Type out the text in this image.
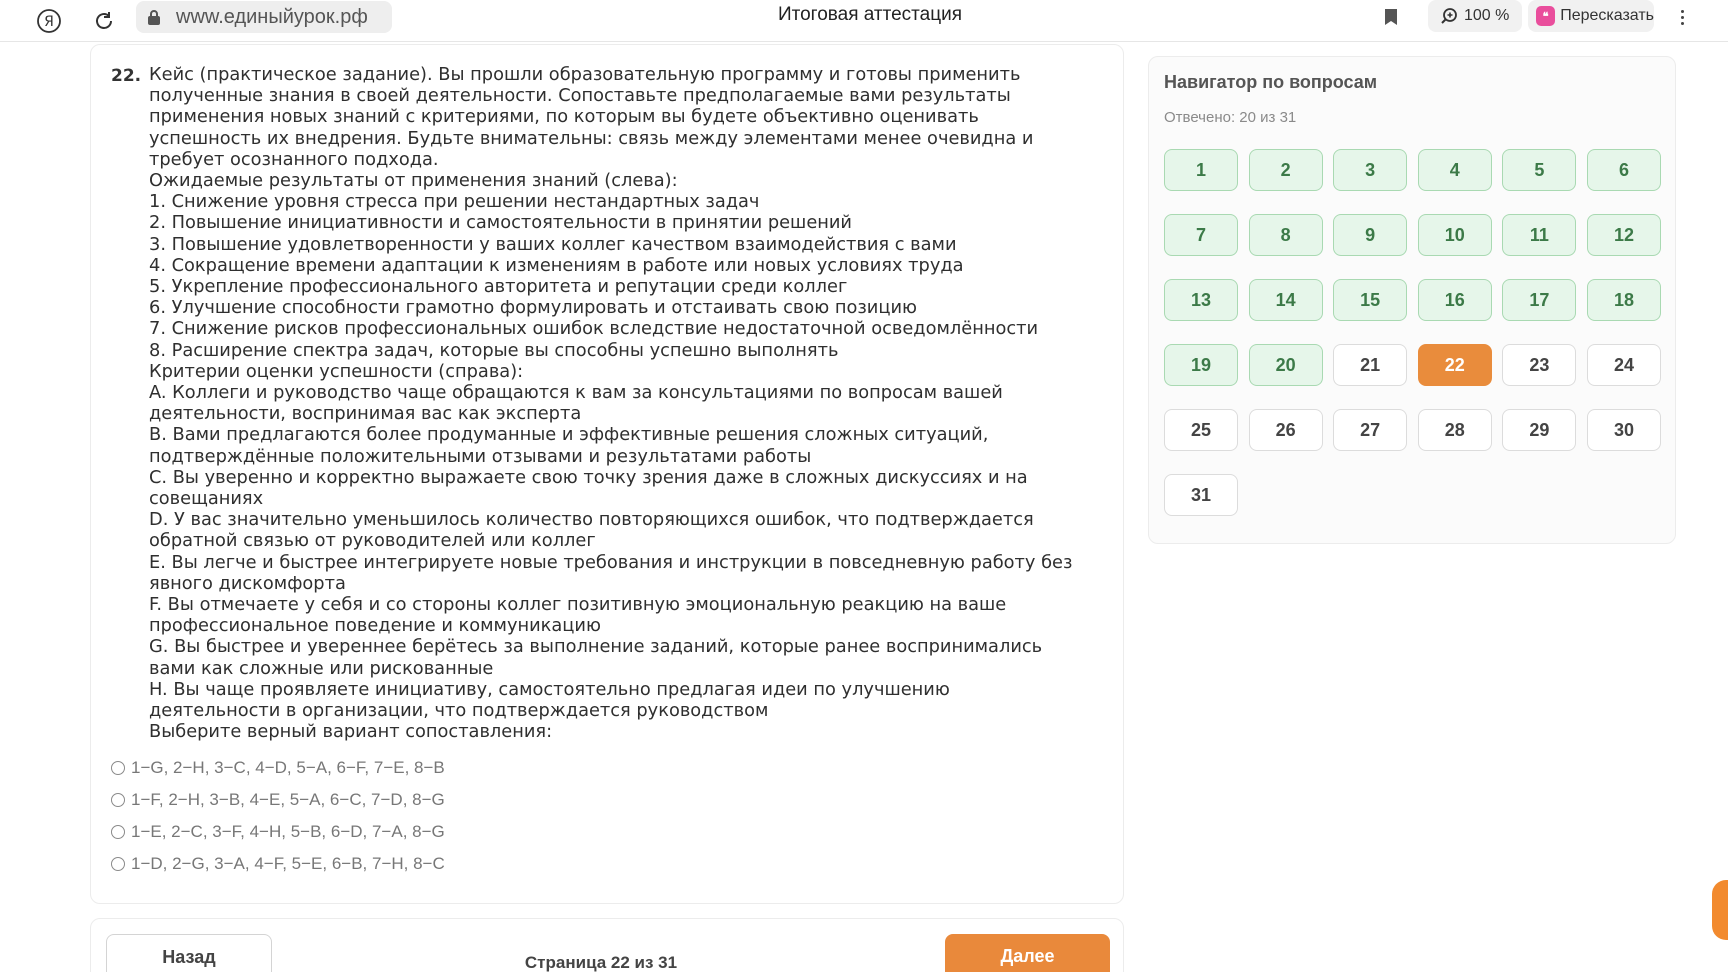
Я	www.единыйурок.рф	Итоговая аттестация	100 %	❝ Пересказать
22. Кейс (практическое задание). Вы прошли образовательную программу и готовы применить
полученные знания в своей деятельности. Сопоставьте предполагаемые вами результаты
применения новых знаний с критериями, по которым вы будете объективно оценивать
успешность их внедрения. Будьте внимательны: связь между элементами менее очевидна и
требует осознанного подхода.
Ожидаемые результаты от применения знаний (слева):
1. Снижение уровня стресса при решении нестандартных задач
2. Повышение инициативности и самостоятельности в принятии решений
3. Повышение удовлетворенности у ваших коллег качеством взаимодействия с вами
4. Сокращение времени адаптации к изменениям в работе или новых условиях труда
5. Укрепление профессионального авторитета и репутации среди коллег
6. Улучшение способности грамотно формулировать и отстаивать свою позицию
7. Снижение рисков профессиональных ошибок вследствие недостаточной осведомлённости
8. Расширение спектра задач, которые вы способны успешно выполнять
Критерии оценки успешности (справа):
A. Коллеги и руководство чаще обращаются к вам за консультациями по вопросам вашей
деятельности, воспринимая вас как эксперта
B. Вами предлагаются более продуманные и эффективные решения сложных ситуаций,
подтверждённые положительными отзывами и результатами работы
C. Вы уверенно и корректно выражаете свою точку зрения даже в сложных дискуссиях и на
совещаниях
D. У вас значительно уменьшилось количество повторяющихся ошибок, что подтверждается
обратной связью от руководителей или коллег
E. Вы легче и быстрее интегрируете новые требования и инструкции в повседневную работу без
явного дискомфорта
F. Вы отмечаете у себя и со стороны коллег позитивную эмоциональную реакцию на ваше
профессиональное поведение и коммуникацию
G. Вы быстрее и увереннее берётесь за выполнение заданий, которые ранее воспринимались
вами как сложные или рискованные
H. Вы чаще проявляете инициативу, самостоятельно предлагая идеи по улучшению
деятельности в организации, что подтверждается руководством
Выберите верный вариант сопоставления:
1−G, 2−H, 3−C, 4−D, 5−A, 6−F, 7−E, 8−B
1−F, 2−H, 3−B, 4−E, 5−A, 6−C, 7−D, 8−G
1−E, 2−C, 3−F, 4−H, 5−B, 6−D, 7−A, 8−G
1−D, 2−G, 3−A, 4−F, 5−E, 6−B, 7−H, 8−C
Назад	Страница 22 из 31	Далее
Навигатор по вопросам
Отвечено: 20 из 31
1	2	3	4	5	6
7	8	9	10	11	12
13	14	15	16	17	18
19	20	21	22	23	24
25	26	27	28	29	30
31
